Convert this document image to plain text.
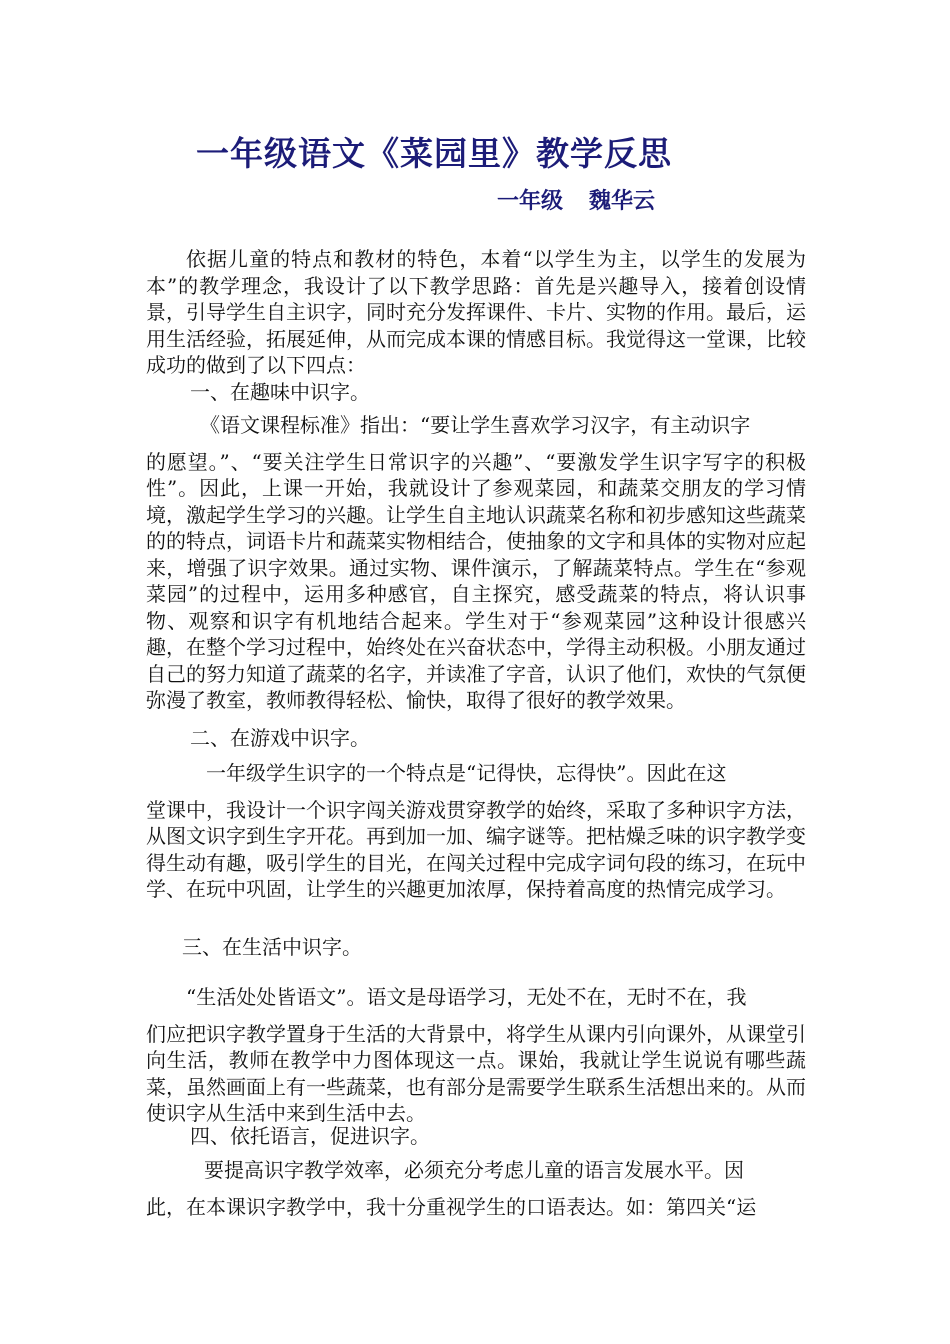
一年级语文《菜园里》教学反思
一年级 魏华云

依据儿童的特点和教材的特色，本着“以学生为主，以学生的发展为本”的教学理念，我设计了以下教学思路：首先是兴趣导入，接着创设情景，引导学生自主识字，同时充分发挥课件、卡片、实物的作用。最后，运用生活经验，拓展延伸，从而完成本课的情感目标。我觉得这一堂课，比较成功的做到了以下四点：

一、在趣味中识字。

《语文课程标准》指出：“要让学生喜欢学习汉字，有主动识字
的愿望。”、“要关注学生日常识字的兴趣”、“要激发学生识字写字的积极性”。因此，上课一开始，我就设计了参观菜园，和蔬菜交朋友的学习情境，激起学生学习的兴趣。让学生自主地认识蔬菜名称和初步感知这些蔬菜的的特点，词语卡片和蔬菜实物相结合，使抽象的文字和具体的实物对应起来，增强了识字效果。通过实物、课件演示，了解蔬菜特点。学生在“参观菜园”的过程中，运用多种感官，自主探究，感受蔬菜的特点，将认识事物、观察和识字有机地结合起来。学生对于“参观菜园”这种设计很感兴趣，在整个学习过程中，始终处在兴奋状态中，学得主动积极。小朋友通过自己的努力知道了蔬菜的名字，并读准了字音，认识了他们，欢快的气氛便弥漫了教室，教师教得轻松、愉快，取得了很好的教学效果。

二、在游戏中识字。

一年级学生识字的一个特点是“记得快，忘得快”。因此在这
堂课中，我设计一个识字闯关游戏贯穿教学的始终，采取了多种识字方法，从图文识字到生字开花。再到加一加、编字谜等。把枯燥乏味的识字教学变得生动有趣，吸引学生的目光，在闯关过程中完成字词句段的练习，在玩中学、在玩中巩固，让学生的兴趣更加浓厚，保持着高度的热情完成学习。

三、在生活中识字。

“生活处处皆语文”。语文是母语学习，无处不在，无时不在，我
们应把识字教学置身于生活的大背景中，将学生从课内引向课外，从课堂引向生活，教师在教学中力图体现这一点。课始，我就让学生说说有哪些蔬菜，虽然画面上有一些蔬菜，也有部分是需要学生联系生活想出来的。从而使识字从生活中来到生活中去。

四、依托语言，促进识字。

要提高识字教学效率，必须充分考虑儿童的语言发展水平。因
此，在本课识字教学中，我十分重视学生的口语表达。如：第四关“运
